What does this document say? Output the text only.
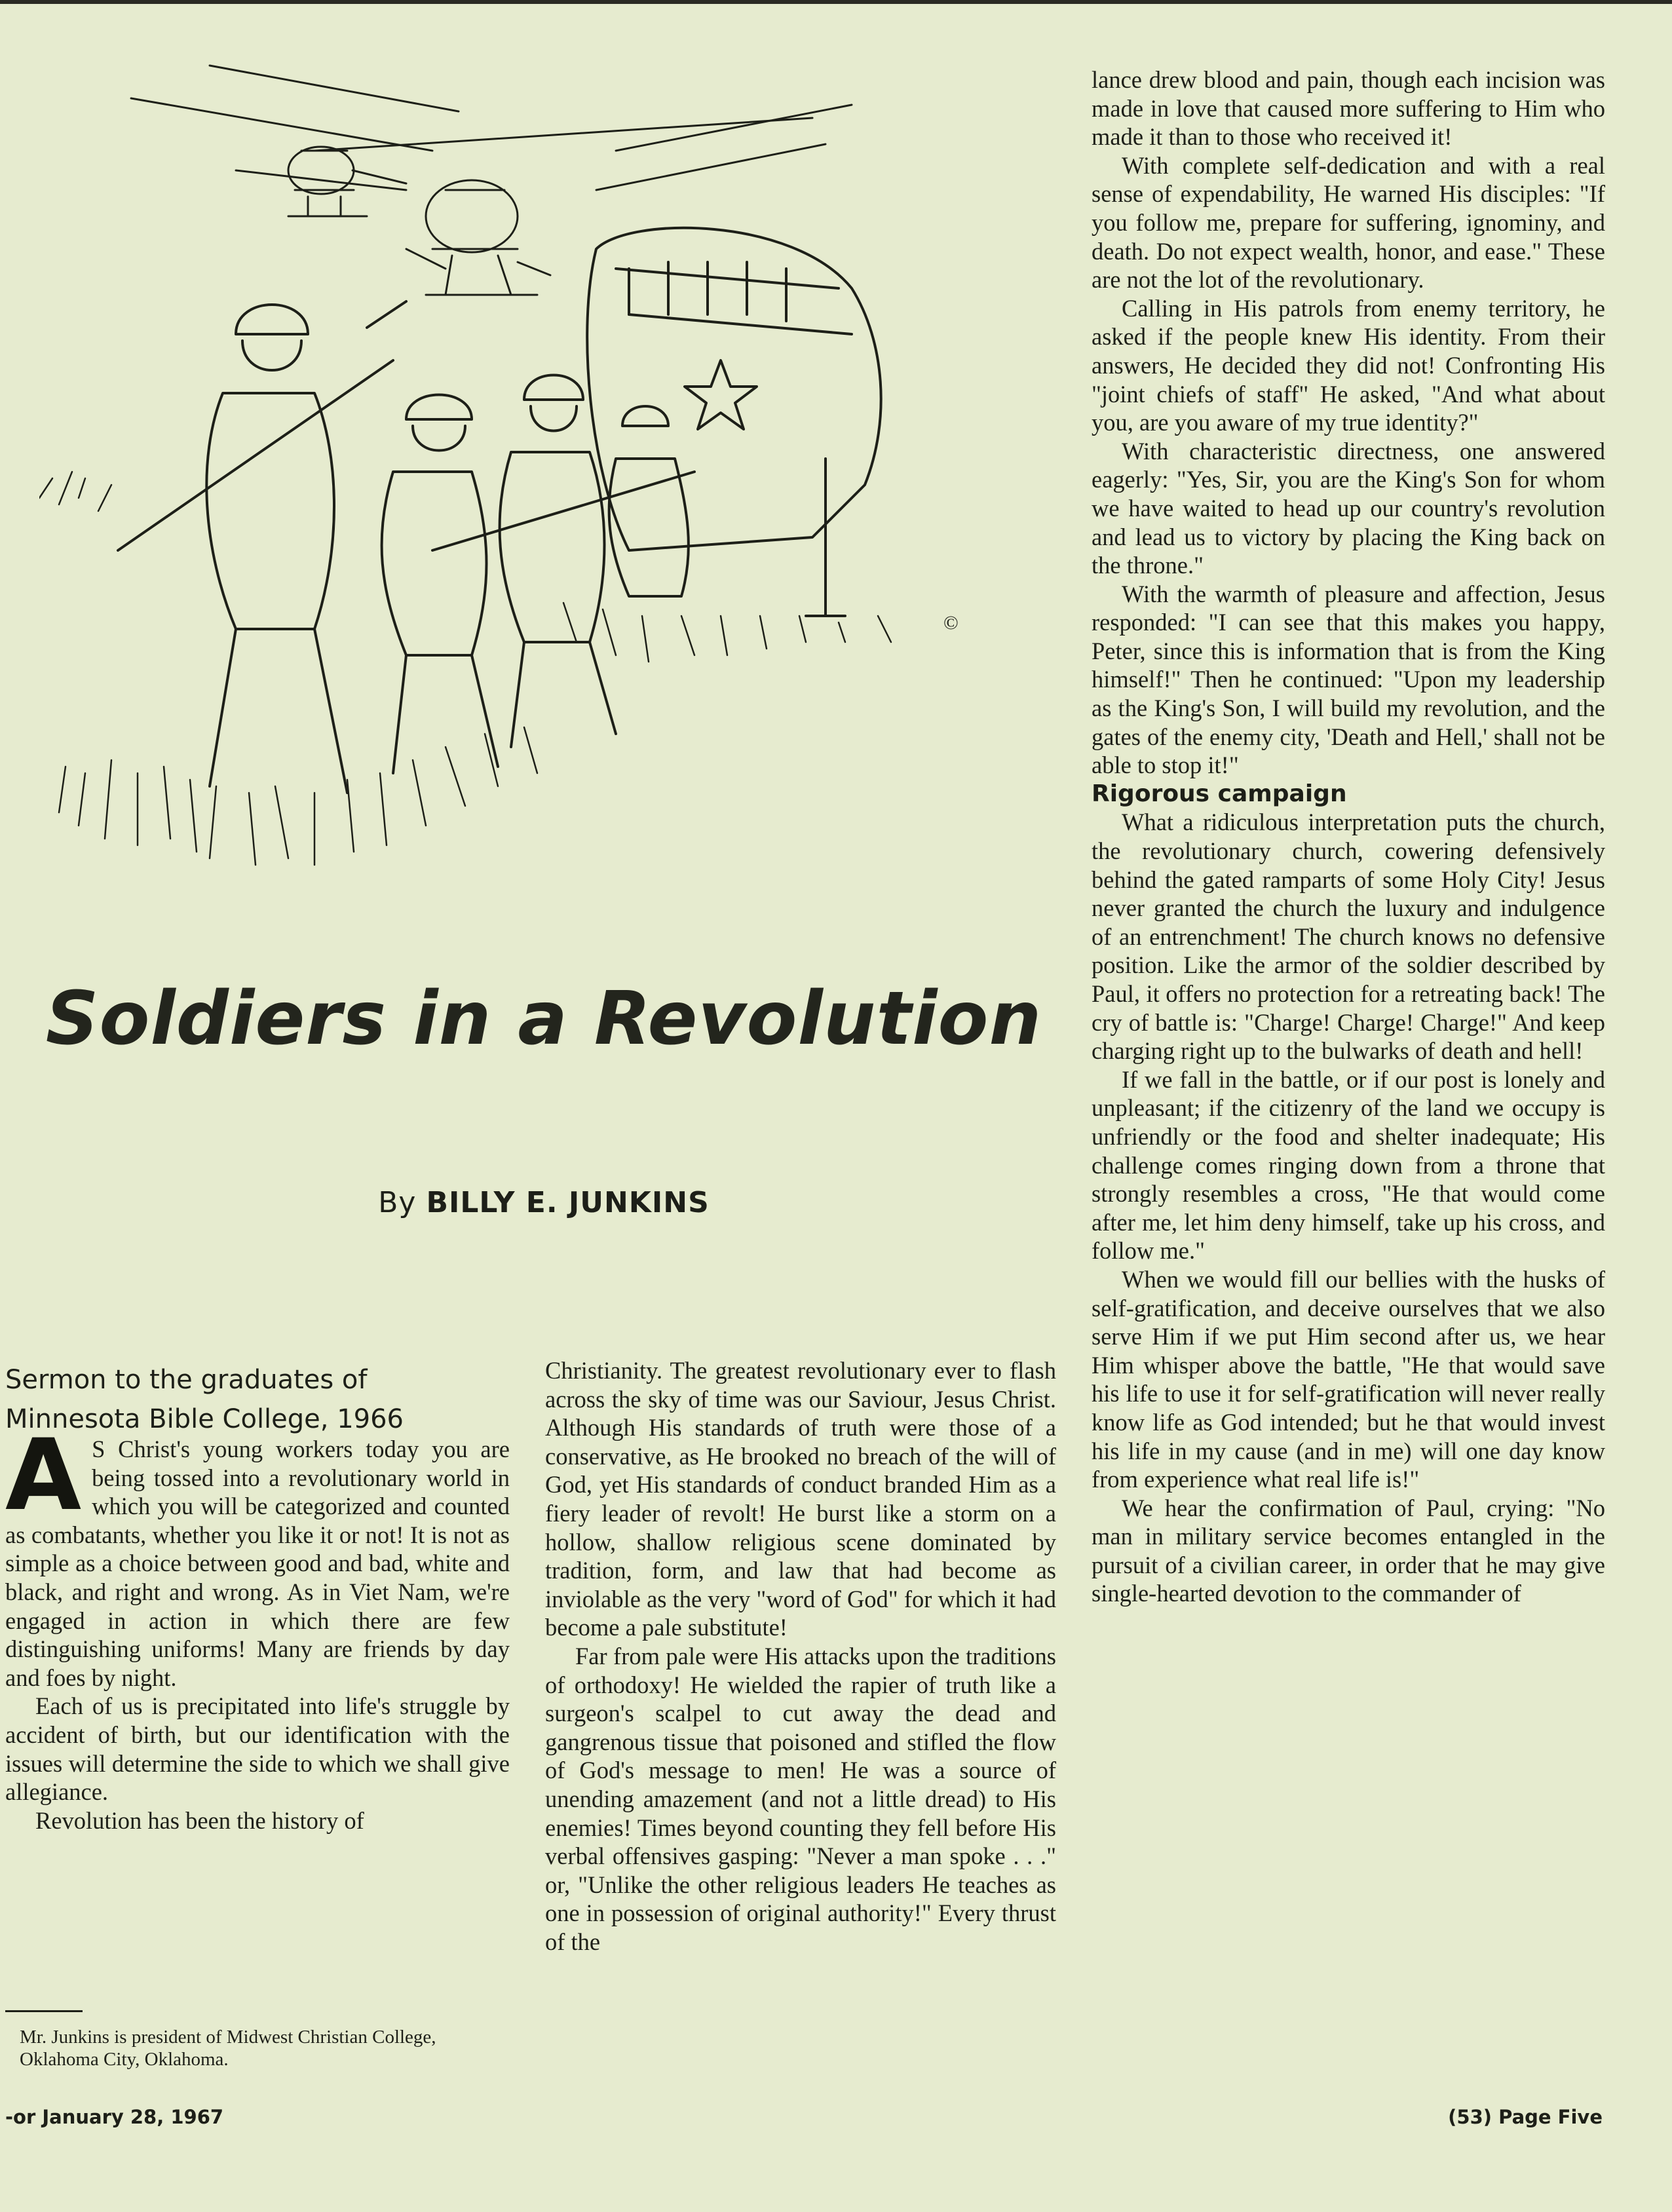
©
Soldiers in a Revolution
By BILLY E. JUNKINS
Sermon to the graduates of
Minnesota Bible College, 1966

A S Christ's young workers today you are being tossed into a revolutionary world in which you will be categorized and counted as combatants, whether you like it or not! It is not as simple as a choice between good and bad, white and black, and right and wrong. As in Viet Nam, we're engaged in action in which there are few distinguishing uniforms! Many are friends by day and foes by night.

Each of us is precipitated into life's struggle by accident of birth, but our identification with the issues will determine the side to which we shall give allegiance.

Revolution has been the history of

Mr. Junkins is president of Midwest Christian College, Oklahoma City, Oklahoma.

Christianity. The greatest revolutionary ever to flash across the sky of time was our Saviour, Jesus Christ. Although His standards of truth were those of a conservative, as He brooked no breach of the will of God, yet His standards of conduct branded Him as a fiery leader of revolt! He burst like a storm on a hollow, shallow religious scene dominated by tradition, form, and law that had become as inviolable as the very "word of God" for which it had become a pale substitute!

Far from pale were His attacks upon the traditions of orthodoxy! He wielded the rapier of truth like a surgeon's scalpel to cut away the dead and gangrenous tissue that poisoned and stifled the flow of God's message to men! He was a source of unending amazement (and not a little dread) to His enemies! Times beyond counting they fell before His verbal offensives gasping: "Never a man spoke . . ." or, "Unlike the other religious leaders He teaches as one in possession of original authority!" Every thrust of the

lance drew blood and pain, though each incision was made in love that caused more suffering to Him who made it than to those who received it!

With complete self-dedication and with a real sense of expendability, He warned His disciples: "If you follow me, prepare for suffering, ignominy, and death. Do not expect wealth, honor, and ease." These are not the lot of the revolutionary.

Calling in His patrols from enemy territory, he asked if the people knew His identity. From their answers, He decided they did not! Confronting His "joint chiefs of staff" He asked, "And what about you, are you aware of my true identity?"

With characteristic directness, one answered eagerly: "Yes, Sir, you are the King's Son for whom we have waited to head up our country's revolution and lead us to victory by placing the King back on the throne."

With the warmth of pleasure and affection, Jesus responded: "I can see that this makes you happy, Peter, since this is information that is from the King himself!" Then he continued: "Upon my leadership as the King's Son, I will build my revolution, and the gates of the enemy city, 'Death and Hell,' shall not be able to stop it!"

Rigorous campaign

What a ridiculous interpretation puts the church, the revolutionary church, cowering defensively behind the gated ramparts of some Holy City! Jesus never granted the church the luxury and indulgence of an entrenchment! The church knows no defensive position. Like the armor of the soldier described by Paul, it offers no protection for a retreating back! The cry of battle is: "Charge! Charge! Charge!" And keep charging right up to the bulwarks of death and hell!

If we fall in the battle, or if our post is lonely and unpleasant; if the citizenry of the land we occupy is unfriendly or the food and shelter inadequate; His challenge comes ringing down from a throne that strongly resembles a cross, "He that would come after me, let him deny himself, take up his cross, and follow me."

When we would fill our bellies with the husks of self-gratification, and deceive ourselves that we also serve Him if we put Him second after us, we hear Him whisper above the battle, "He that would save his life to use it for self-gratification will never really know life as God intended; but he that would invest his life in my cause (and in me) will one day know from experience what real life is!"

We hear the confirmation of Paul, crying: "No man in military service becomes entangled in the pursuit of a civilian career, in order that he may give single-hearted devotion to the commander of

-or January 28, 1967	(53) Page Five
